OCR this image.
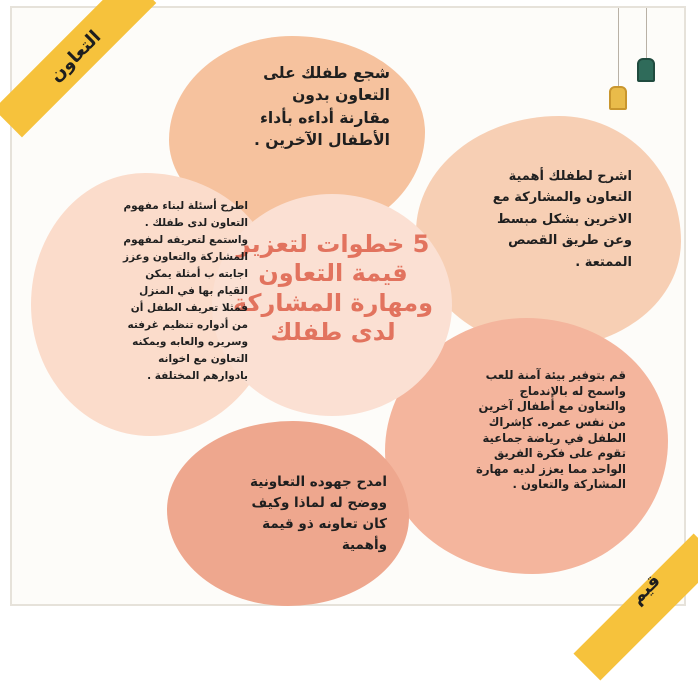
التعاون

5 خطوات لتعزيز
قيمة التعاون
ومهارة المشاركة
لدى طفلك

شجع طفلك على
التعاون بدون
مقارنة أداءه بأداء
الأطفال الآخرين .

اشرح لطفلك أهمية
التعاون والمشاركة مع
الاخرين بشكل مبسط
وعن طريق القصص
الممتعة .

اطرح أسئلة لبناء مفهوم
التعاون لدى طفلك .
واستمع لتعريفه لمفهوم
المشاركة والتعاون وعزز
اجابته ب أمثلة يمكن
القيام بها في المنزل
فمثلا تعريف الطفل أن
من أدواره تنظيم غرفته
وسريره والعابه ويمكنه
التعاون مع اخوانه
بادوارهم المختلفة .	قم بتوفير بيئة آمنة للعب
واسمح له بالإندماج
والتعاون مع أطفال آخرين
من نفس عمره. كإشراك
الطفل في رياضة جماعية
تقوم على فكرة الفريق
الواحد مما يعزز لديه مهارة
المشاركة والتعاون .

امدح جهوده التعاونية
ووضح له لماذا وكيف
كان تعاونه ذو قيمة
وأهمية

قيم
